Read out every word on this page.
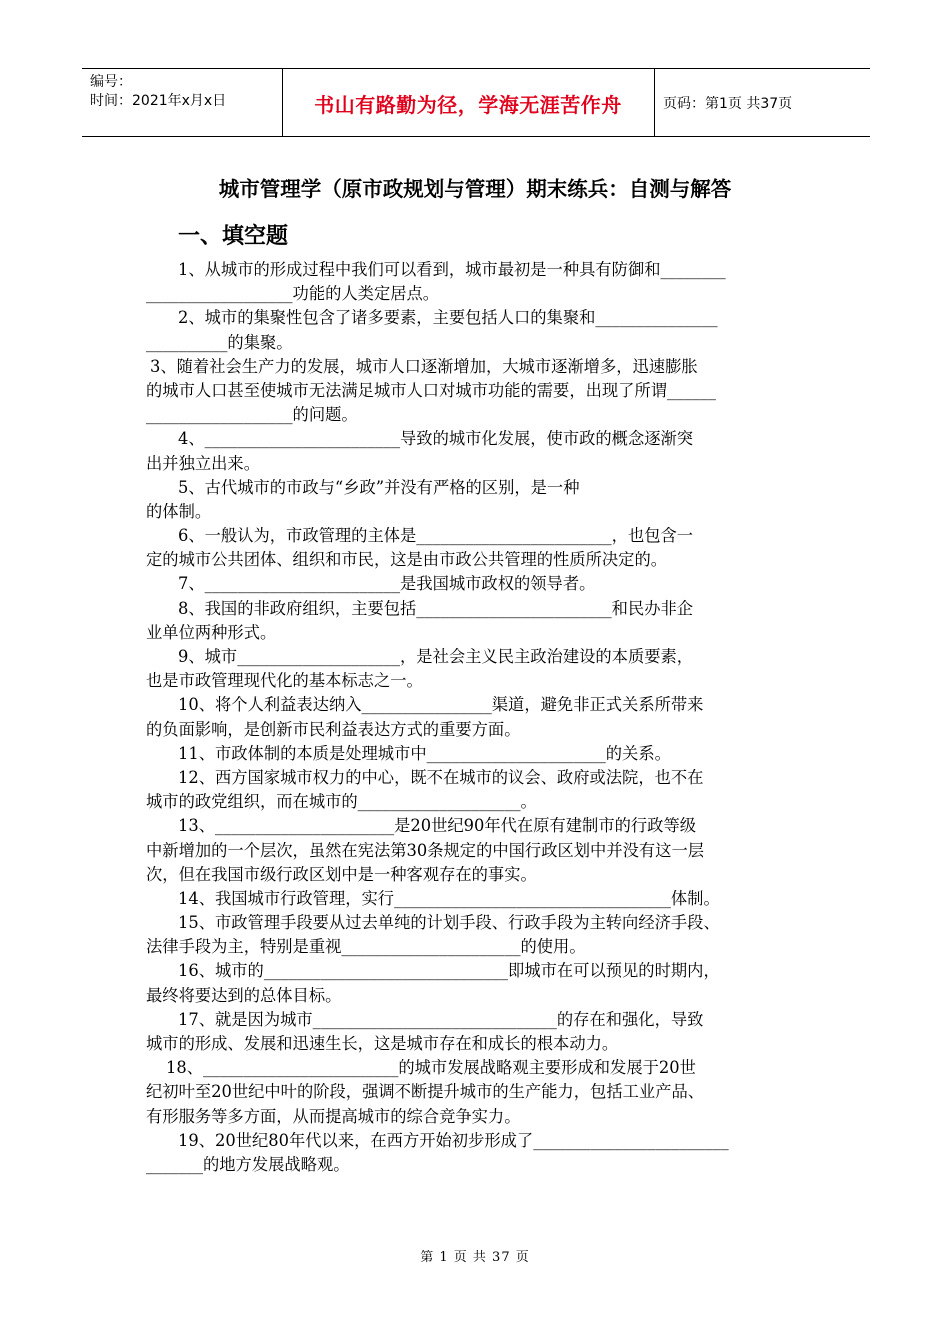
编号：
时间：2021年x月x日	书山有路勤为径，学海无涯苦作舟	页码：第1页 共37页
城市管理学（原市政规划与管理）期末练兵：自测与解答
一、填空题
1、从城市的形成过程中我们可以看到，城市最初是一种具有防御和________
__________________功能的人类定居点。
2、城市的集聚性包含了诸多要素，主要包括人口的集聚和_______________
__________的集聚。
3、随着社会生产力的发展，城市人口逐渐增加，大城市逐渐增多，迅速膨胀
的城市人口甚至使城市无法满足城市人口对城市功能的需要，出现了所谓______
__________________的问题。
4、________________________导致的城市化发展，使市政的概念逐渐突
出并独立出来。
5、古代城市的市政与“乡政”并没有严格的区别，是一种
的体制。
6、一般认为，市政管理的主体是________________________，也包含一
定的城市公共团体、组织和市民，这是由市政公共管理的性质所决定的。
7、________________________是我国城市政权的领导者。
8、我国的非政府组织，主要包括________________________和民办非企
业单位两种形式。
9、城市____________________，是社会主义民主政治建设的本质要素，
也是市政管理现代化的基本标志之一。
10、将个人利益表达纳入________________渠道，避免非正式关系所带来
的负面影响，是创新市民利益表达方式的重要方面。
11、市政体制的本质是处理城市中______________________的关系。
12、西方国家城市权力的中心，既不在城市的议会、政府或法院，也不在
城市的政党组织，而在城市的____________________。
13、______________________是20世纪90年代在原有建制市的行政等级
中新增加的一个层次，虽然在宪法第30条规定的中国行政区划中并没有这一层
次，但在我国市级行政区划中是一种客观存在的事实。
14、我国城市行政管理，实行__________________________________体制。
15、市政管理手段要从过去单纯的计划手段、行政手段为主转向经济手段、
法律手段为主，特别是重视______________________的使用。
16、城市的______________________________即城市在可以预见的时期内，
最终将要达到的总体目标。
17、就是因为城市______________________________的存在和强化，导致
城市的形成、发展和迅速生长，这是城市存在和成长的根本动力。
18、________________________的城市发展战略观主要形成和发展于20世
纪初叶至20世纪中叶的阶段，强调不断提升城市的生产能力，包括工业产品、
有形服务等多方面，从而提高城市的综合竞争实力。
19、20世纪80年代以来，在西方开始初步形成了________________________
_______的地方发展战略观。
第 1 页 共 37 页
